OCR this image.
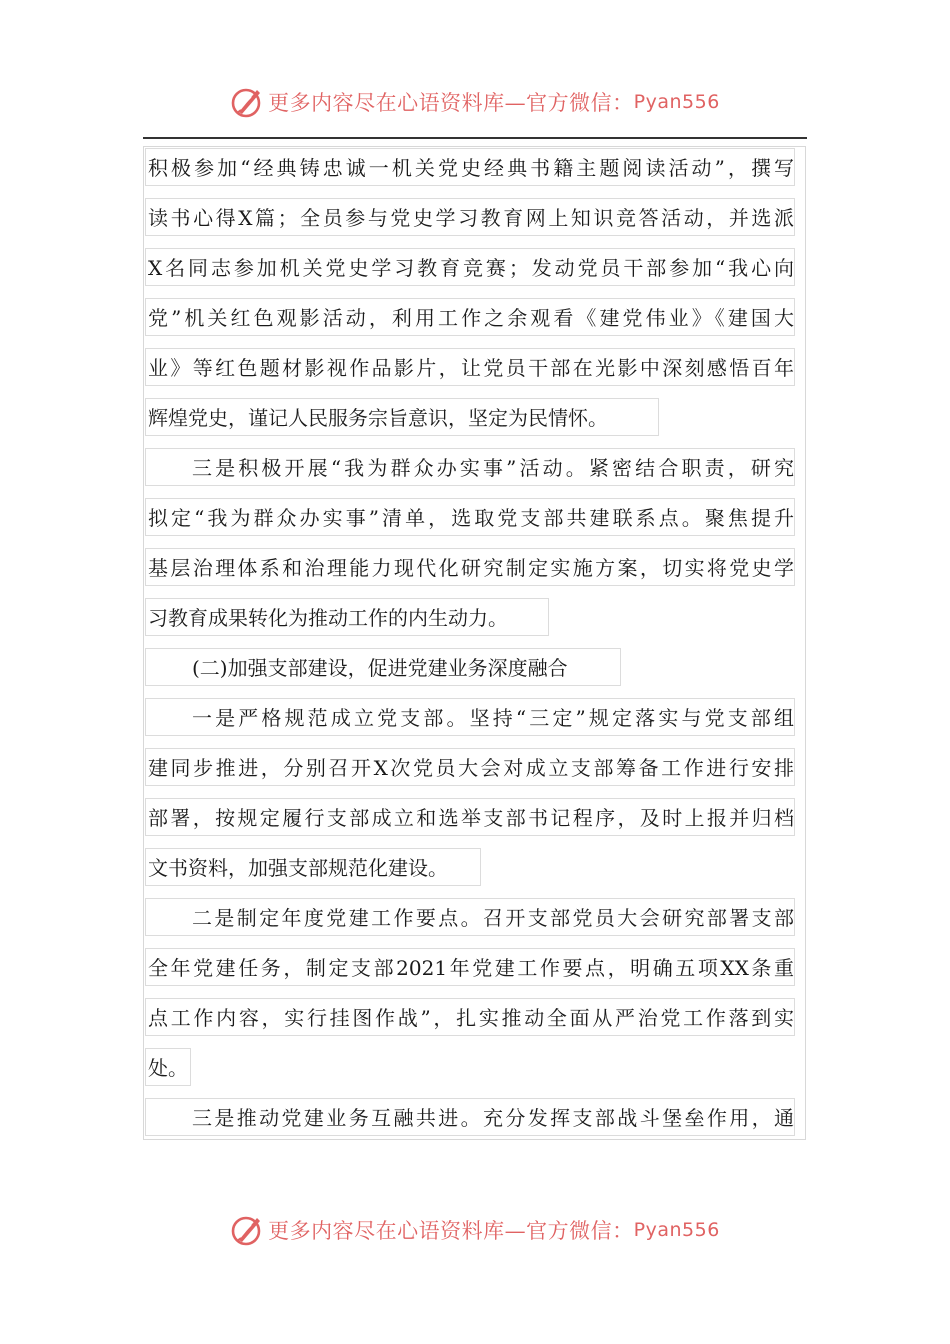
更多内容尽在心语资料库—官方微信： Pyan556
积极参加“经典铸忠诚一机关党史经典书籍主题阅读活动”，撰写
读书心得X篇；全员参与党史学习教育网上知识竞答活动，并选派
X名同志参加机关党史学习教育竞赛；发动党员干部参加“我心向
党”机关红色观影活动，利用工作之余观看《建党伟业》《建国大
业》等红色题材影视作品影片，让党员干部在光影中深刻感悟百年
辉煌党史，谨记人民服务宗旨意识，坚定为民情怀。
三是积极开展“我为群众办实事”活动。紧密结合职责，研究
拟定“我为群众办实事”清单，选取党支部共建联系点。聚焦提升
基层治理体系和治理能力现代化研究制定实施方案，切实将党史学
习教育成果转化为推动工作的内生动力。
(二)加强支部建设，促进党建业务深度融合
一是严格规范成立党支部。坚持“三定”规定落实与党支部组
建同步推进，分别召开X次党员大会对成立支部筹备工作进行安排
部署，按规定履行支部成立和选举支部书记程序，及时上报并归档
文书资料，加强支部规范化建设。
二是制定年度党建工作要点。召开支部党员大会研究部署支部
全年党建任务，制定支部2021年党建工作要点，明确五项XX条重
点工作内容，实行挂图作战”，扎实推动全面从严治党工作落到实
处。
三是推动党建业务互融共进。充分发挥支部战斗堡垒作用，通
更多内容尽在心语资料库—官方微信： Pyan556
